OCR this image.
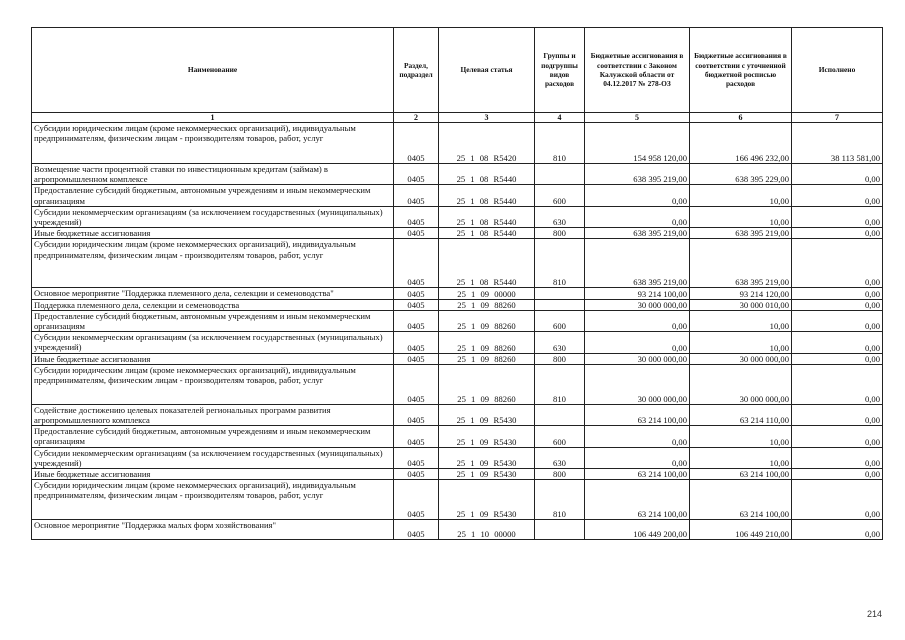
Наименование	Раздел, подраздел	Целевая статья	Группы и подгруппы видов расходов	Бюджетные ассигнования в соответствии с Законом Калужской области от 04.12.2017 № 278-ОЗ	Бюджетные ассигнования в соответствии с уточненной бюджетной росписью расходов	Исполнено
1	2	3	4	5	6	7
Субсидии юридическим лицам (кроме некоммерческих организаций), индивидуальным предпринимателям, физическим лицам - производителям товаров, работ, услуг	0405	25 1 08 R5420	810	154 958 120,00	166 496 232,00	38 113 581,00
Возмещение части процентной ставки по инвестиционным кредитам (займам) в агропромышленном комплексе	0405	25 1 08 R5440		638 395 219,00	638 395 229,00	0,00
Предоставление субсидий бюджетным, автономным учреждениям и иным некоммерческим организациям	0405	25 1 08 R5440	600	0,00	10,00	0,00
Субсидии некоммерческим организациям (за исключением государственных (муниципальных) учреждений)	0405	25 1 08 R5440	630	0,00	10,00	0,00
Иные бюджетные ассигнования	0405	25 1 08 R5440	800	638 395 219,00	638 395 219,00	0,00
Субсидии юридическим лицам (кроме некоммерческих организаций), индивидуальным предпринимателям, физическим лицам - производителям товаров, работ, услуг	0405	25 1 08 R5440	810	638 395 219,00	638 395 219,00	0,00
Основное мероприятие "Поддержка племенного дела, селекции и семеноводства"	0405	25 1 09 00000		93 214 100,00	93 214 120,00	0,00
Поддержка племенного дела, селекции и семеноводства	0405	25 1 09 88260		30 000 000,00	30 000 010,00	0,00
Предоставление субсидий бюджетным, автономным учреждениям и иным некоммерческим организациям	0405	25 1 09 88260	600	0,00	10,00	0,00
Субсидии некоммерческим организациям (за исключением государственных (муниципальных) учреждений)	0405	25 1 09 88260	630	0,00	10,00	0,00
Иные бюджетные ассигнования	0405	25 1 09 88260	800	30 000 000,00	30 000 000,00	0,00
Субсидии юридическим лицам (кроме некоммерческих организаций), индивидуальным предпринимателям, физическим лицам - производителям товаров, работ, услуг	0405	25 1 09 88260	810	30 000 000,00	30 000 000,00	0,00
Содействие достижению целевых показателей региональных программ развития агропромышленного комплекса	0405	25 1 09 R5430		63 214 100,00	63 214 110,00	0,00
Предоставление субсидий бюджетным, автономным учреждениям и иным некоммерческим организациям	0405	25 1 09 R5430	600	0,00	10,00	0,00
Субсидии некоммерческим организациям (за исключением государственных (муниципальных) учреждений)	0405	25 1 09 R5430	630	0,00	10,00	0,00
Иные бюджетные ассигнования	0405	25 1 09 R5430	800	63 214 100,00	63 214 100,00	0,00
Субсидии юридическим лицам (кроме некоммерческих организаций), индивидуальным предпринимателям, физическим лицам - производителям товаров, работ, услуг	0405	25 1 09 R5430	810	63 214 100,00	63 214 100,00	0,00
Основное мероприятие "Поддержка малых форм хозяйствования"	0405	25 1 10 00000		106 449 200,00	106 449 210,00	0,00
214
